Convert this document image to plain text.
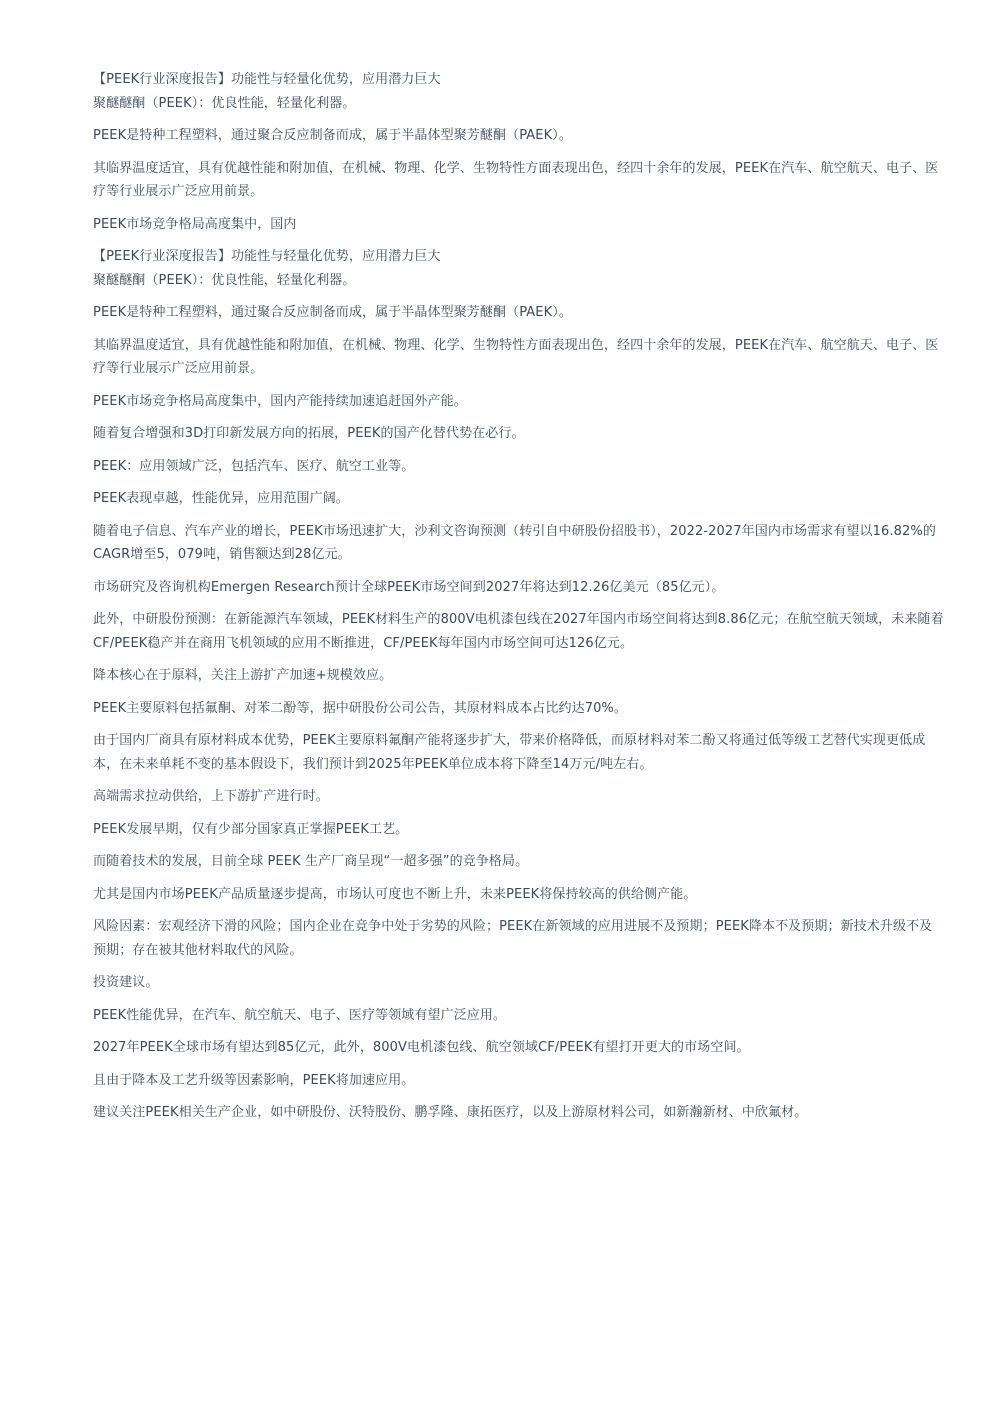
【PEEK行业深度报告】功能性与轻量化优势，应用潜力巨大

聚醚醚酮（PEEK）：优良性能，轻量化利器。

PEEK是特种工程塑料，通过聚合反应制备而成，属于半晶体型聚芳醚酮（PAEK）。

其临界温度适宜，具有优越性能和附加值，在机械、物理、化学、生物特性方面表现出色，经四十余年的发展，PEEK在汽车、航空航天、电子、医疗等行业展示广泛应用前景。

PEEK市场竞争格局高度集中，国内

【PEEK行业深度报告】功能性与轻量化优势，应用潜力巨大

聚醚醚酮（PEEK）：优良性能，轻量化利器。

PEEK是特种工程塑料，通过聚合反应制备而成，属于半晶体型聚芳醚酮（PAEK）。

其临界温度适宜，具有优越性能和附加值，在机械、物理、化学、生物特性方面表现出色，经四十余年的发展，PEEK在汽车、航空航天、电子、医疗等行业展示广泛应用前景。

PEEK市场竞争格局高度集中，国内产能持续加速追赶国外产能。

随着复合增强和3D打印新发展方向的拓展，PEEK的国产化替代势在必行。

PEEK：应用领域广泛，包括汽车、医疗、航空工业等。

PEEK表现卓越，性能优异，应用范围广阔。

随着电子信息、汽车产业的增长，PEEK市场迅速扩大，沙利文咨询预测（转引自中研股份招股书），2022-2027年国内市场需求有望以16.82%的CAGR增至5，079吨，销售额达到28亿元。

市场研究及咨询机构Emergen Research预计全球PEEK市场空间到2027年将达到12.26亿美元（85亿元）。

此外，中研股份预测：在新能源汽车领域，PEEK材料生产的800V电机漆包线在2027年国内市场空间将达到8.86亿元；在航空航天领域，未来随着CF/PEEK稳产并在商用飞机领域的应用不断推进，CF/PEEK每年国内市场空间可达126亿元。

降本核心在于原料，关注上游扩产加速+规模效应。

PEEK主要原料包括氟酮、对苯二酚等，据中研股份公司公告，其原材料成本占比约达70%。

由于国内厂商具有原材料成本优势，PEEK主要原料氟酮产能将逐步扩大，带来价格降低，而原材料对苯二酚又将通过低等级工艺替代实现更低成本，在未来单耗不变的基本假设下，我们预计到2025年PEEK单位成本将下降至14万元/吨左右。

高端需求拉动供给，上下游扩产进行时。

PEEK发展早期，仅有少部分国家真正掌握PEEK工艺。

而随着技术的发展，目前全球 PEEK 生产厂商呈现“一超多强”的竞争格局。

尤其是国内市场PEEK产品质量逐步提高，市场认可度也不断上升，未来PEEK将保持较高的供给侧产能。

风险因素：宏观经济下滑的风险；国内企业在竞争中处于劣势的风险；PEEK在新领域的应用进展不及预期；PEEK降本不及预期；新技术升级不及预期；存在被其他材料取代的风险。

投资建议。

PEEK性能优异，在汽车、航空航天、电子、医疗等领域有望广泛应用。

2027年PEEK全球市场有望达到85亿元，此外，800V电机漆包线、航空领域CF/PEEK有望打开更大的市场空间。

且由于降本及工艺升级等因素影响，PEEK将加速应用。

建议关注PEEK相关生产企业，如中研股份、沃特股份、鹏孚隆、康拓医疗，以及上游原材料公司，如新瀚新材、中欣氟材。
